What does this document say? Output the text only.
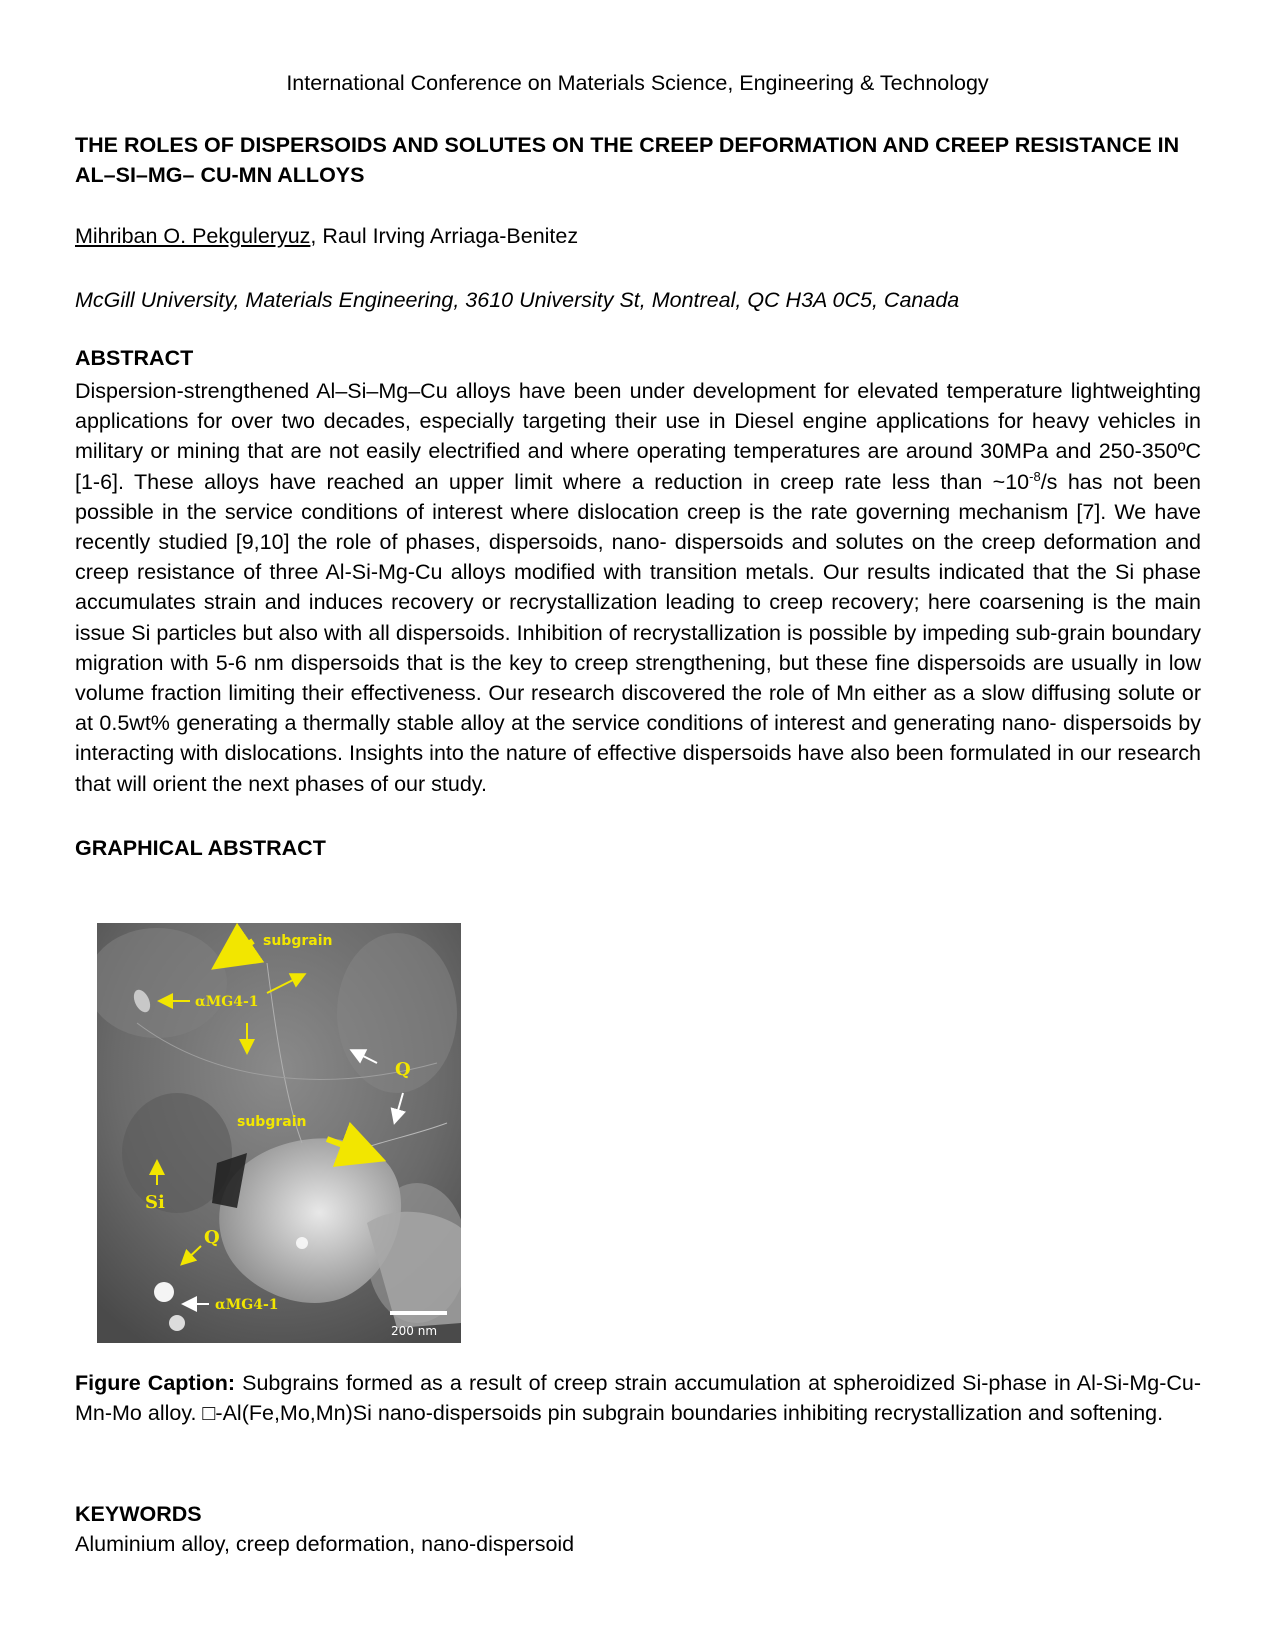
International Conference on Materials Science, Engineering & Technology
THE ROLES OF DISPERSOIDS AND SOLUTES ON THE CREEP DEFORMATION AND CREEP RESISTANCE IN AL–SI–MG– CU-MN ALLOYS
Mihriban O. Pekguleryuz, Raul Irving Arriaga-Benitez
McGill University, Materials Engineering, 3610 University St, Montreal, QC H3A 0C5, Canada
ABSTRACT
Dispersion-strengthened Al–Si–Mg–Cu alloys have been under development for elevated temperature lightweighting applications for over two decades, especially targeting their use in Diesel engine applications for heavy vehicles in military or mining that are not easily electrified and where operating temperatures are around 30MPa and 250-350ºC [1-6]. These alloys have reached an upper limit where a reduction in creep rate less than $\sim 10^{-8}/s$ has not been possible in the service conditions of interest where dislocation creep is the rate governing mechanism [7]. We have recently studied [9,10] the role of phases, dispersoids, nano- dispersoids and solutes on the creep deformation and creep resistance of three Al-Si-Mg-Cu alloys modified with transition metals. Our results indicated that the Si phase accumulates strain and induces recovery or recrystallization leading to creep recovery; here coarsening is the main issue Si particles but also with all dispersoids. Inhibition of recrystallization is possible by impeding sub-grain boundary migration with 5-6 nm dispersoids that is the key to creep strengthening, but these fine dispersoids are usually in low volume fraction limiting their effectiveness. Our research discovered the role of Mn either as a slow diffusing solute or at 0.5wt% generating a thermally stable alloy at the service conditions of interest and generating nano- dispersoids by interacting with dislocations. Insights into the nature of effective dispersoids have also been formulated in our research that will orient the next phases of our study.
GRAPHICAL ABSTRACT
subgrain
αMG4-1
Q
subgrain
Si
Q
αMG4-1
200 nm
Figure Caption: Subgrains formed as a result of creep strain accumulation at spheroidized Si-phase in Al-Si-Mg-Cu-Mn-Mo alloy. □-Al(Fe,Mo,Mn)Si nano-dispersoids pin subgrain boundaries inhibiting recrystallization and softening.
KEYWORDS
Aluminium alloy, creep deformation, nano-dispersoid
